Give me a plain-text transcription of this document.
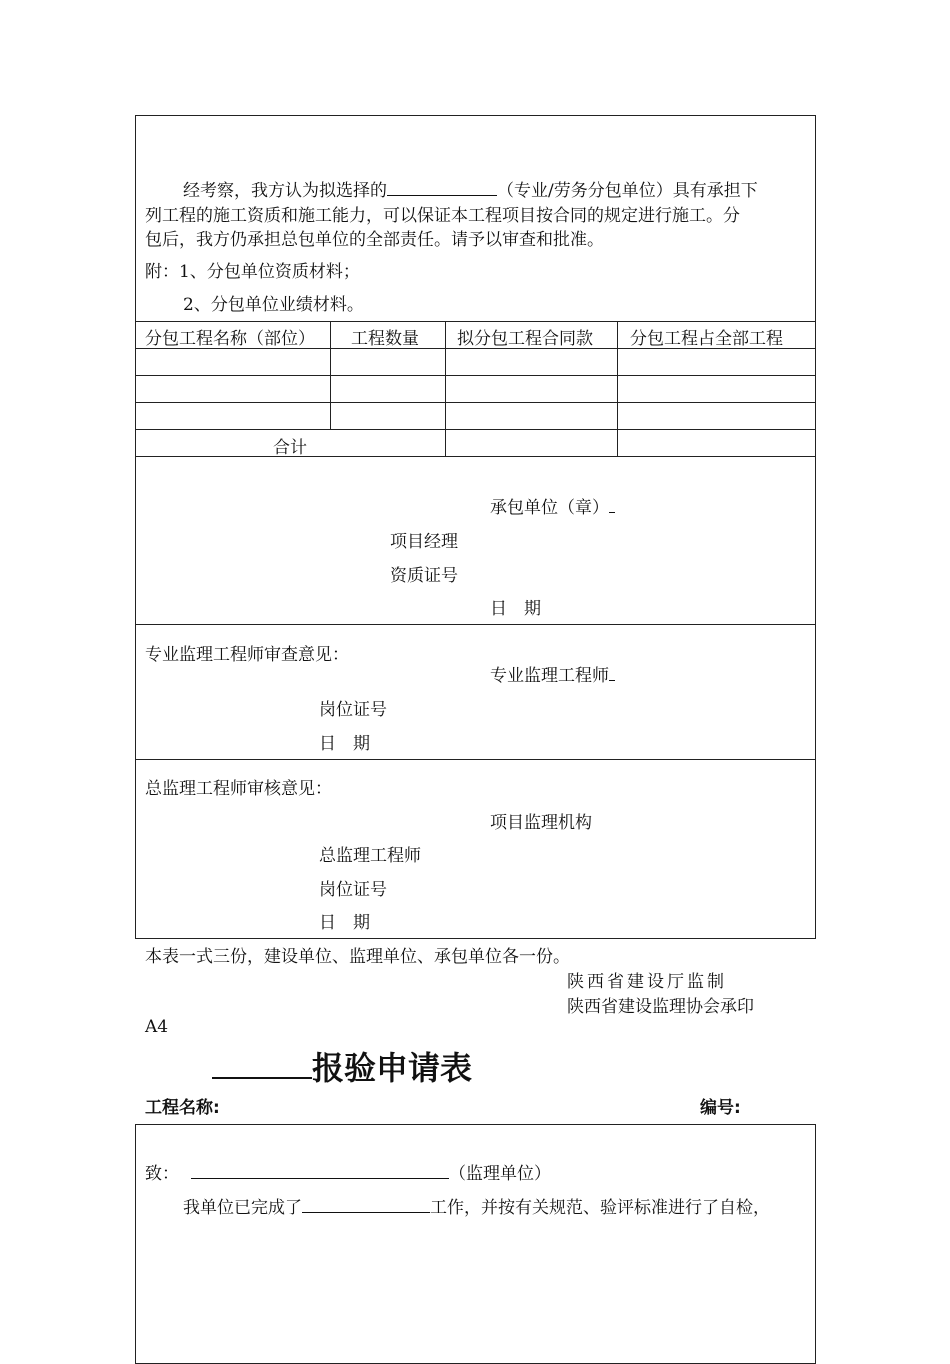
经考察，我方认为拟选择的	（专业/劳务分包单位）具有承担下
列工程的施工资质和施工能力，可以保证本工程项目按合同的规定进行施工。分
包后，我方仍承担总包单位的全部责任。请予以审查和批准。
附：1、分包单位资质材料；
2、分包单位业绩材料。
分包工程名称（部位） 工程数量 拟分包工程合同款 分包工程占全部工程
合计
承包单位（章）
项目经理
资质证号
日　期
专业监理工程师审查意见：
专业监理工程师
岗位证号
日　期
总监理工程师审核意见：
项目监理机构
总监理工程师
岗位证号
日　期
本表一式三份，建设单位、监理单位、承包单位各一份。
陕西省建设厅监制
陕西省建设监理协会承印
A4
报验申请表
工程名称:	编号:
致：	（监理单位）
我单位已完成了	工作，并按有关规范、验评标准进行了自检，
